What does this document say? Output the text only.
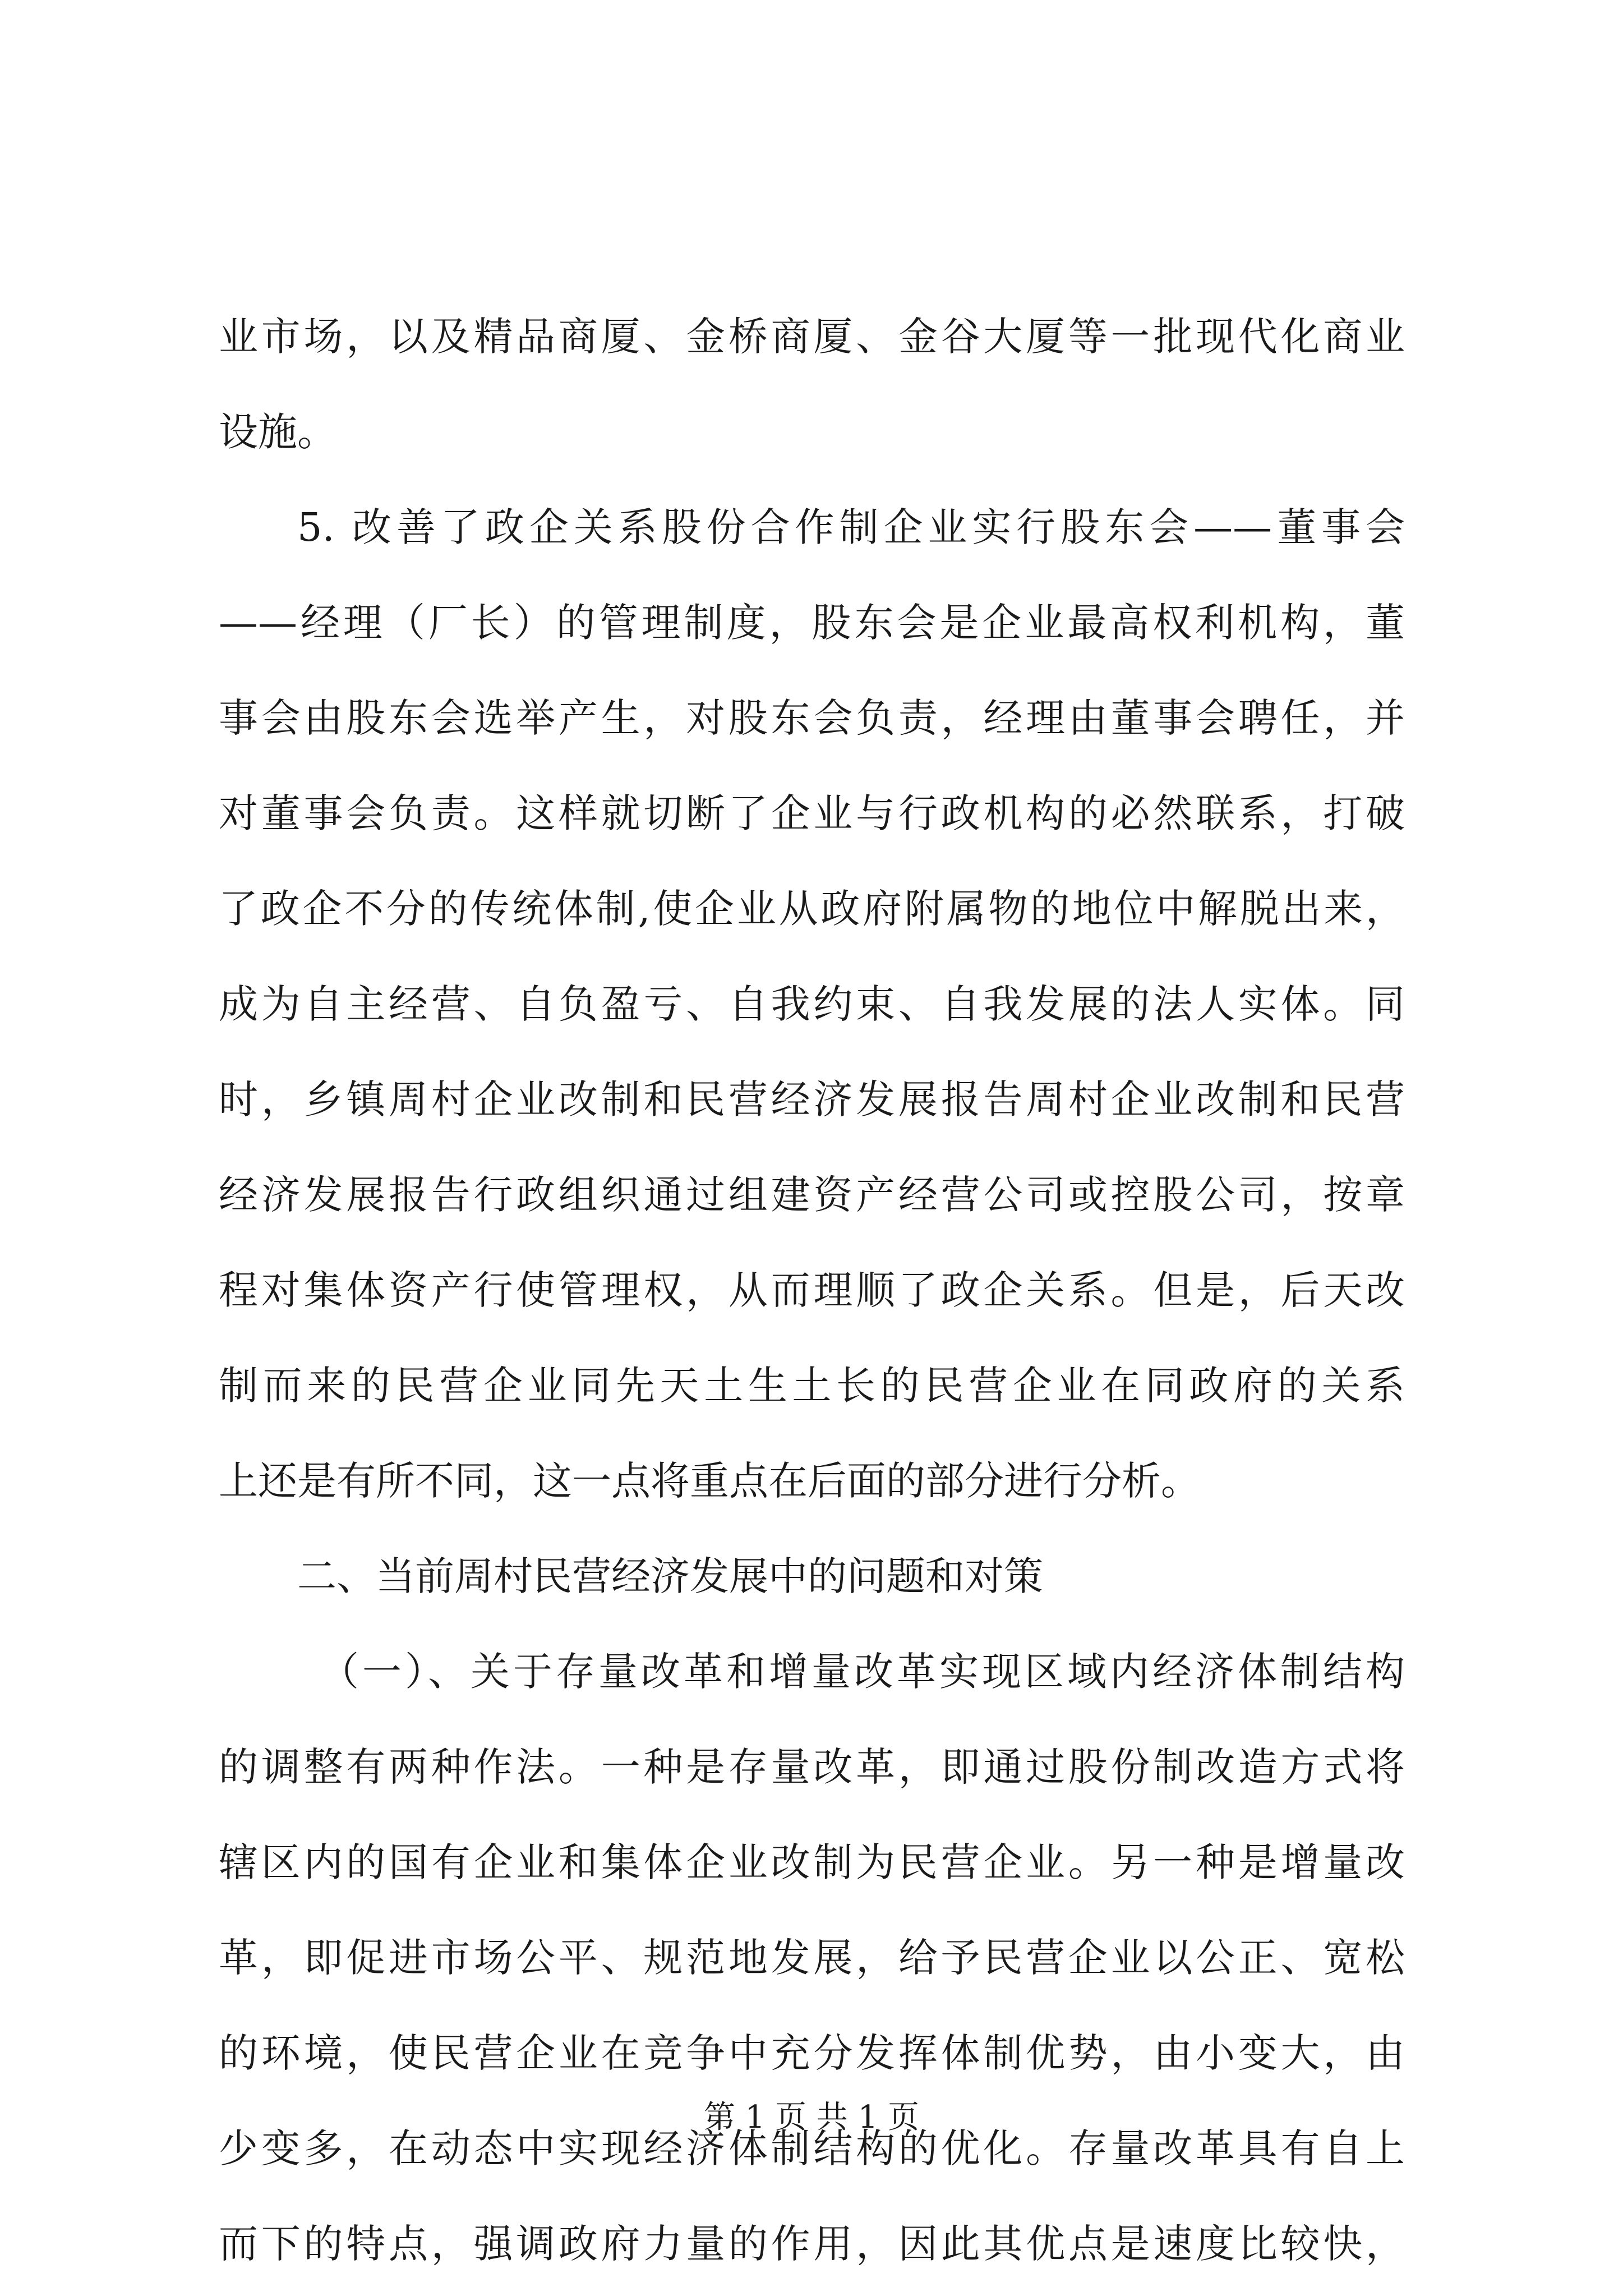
业市场，以及精品商厦、金桥商厦、金谷大厦等一批现代化商业
设施。
5. 改善了政企关系股份合作制企业实行股东会——董事会
——经理（厂长）的管理制度，股东会是企业最高权利机构，董
事会由股东会选举产生，对股东会负责，经理由董事会聘任，并
对董事会负责。这样就切断了企业与行政机构的必然联系，打破
了政企不分的传统体制,使企业从政府附属物的地位中解脱出来，
成为自主经营、自负盈亏、自我约束、自我发展的法人实体。同
时，乡镇周村企业改制和民营经济发展报告周村企业改制和民营
经济发展报告行政组织通过组建资产经营公司或控股公司，按章
程对集体资产行使管理权，从而理顺了政企关系。但是，后天改
制而来的民营企业同先天土生土长的民营企业在同政府的关系
上还是有所不同，这一点将重点在后面的部分进行分析。
二、当前周村民营经济发展中的问题和对策
（一）、关于存量改革和增量改革实现区域内经济体制结构
的调整有两种作法。一种是存量改革，即通过股份制改造方式将
辖区内的国有企业和集体企业改制为民营企业。另一种是增量改
革，即促进市场公平、规范地发展，给予民营企业以公正、宽松
的环境，使民营企业在竞争中充分发挥体制优势，由小变大，由
少变多，在动态中实现经济体制结构的优化。存量改革具有自上
而下的特点，强调政府力量的作用，因此其优点是速度比较快，
第 1 页 共 1 页
